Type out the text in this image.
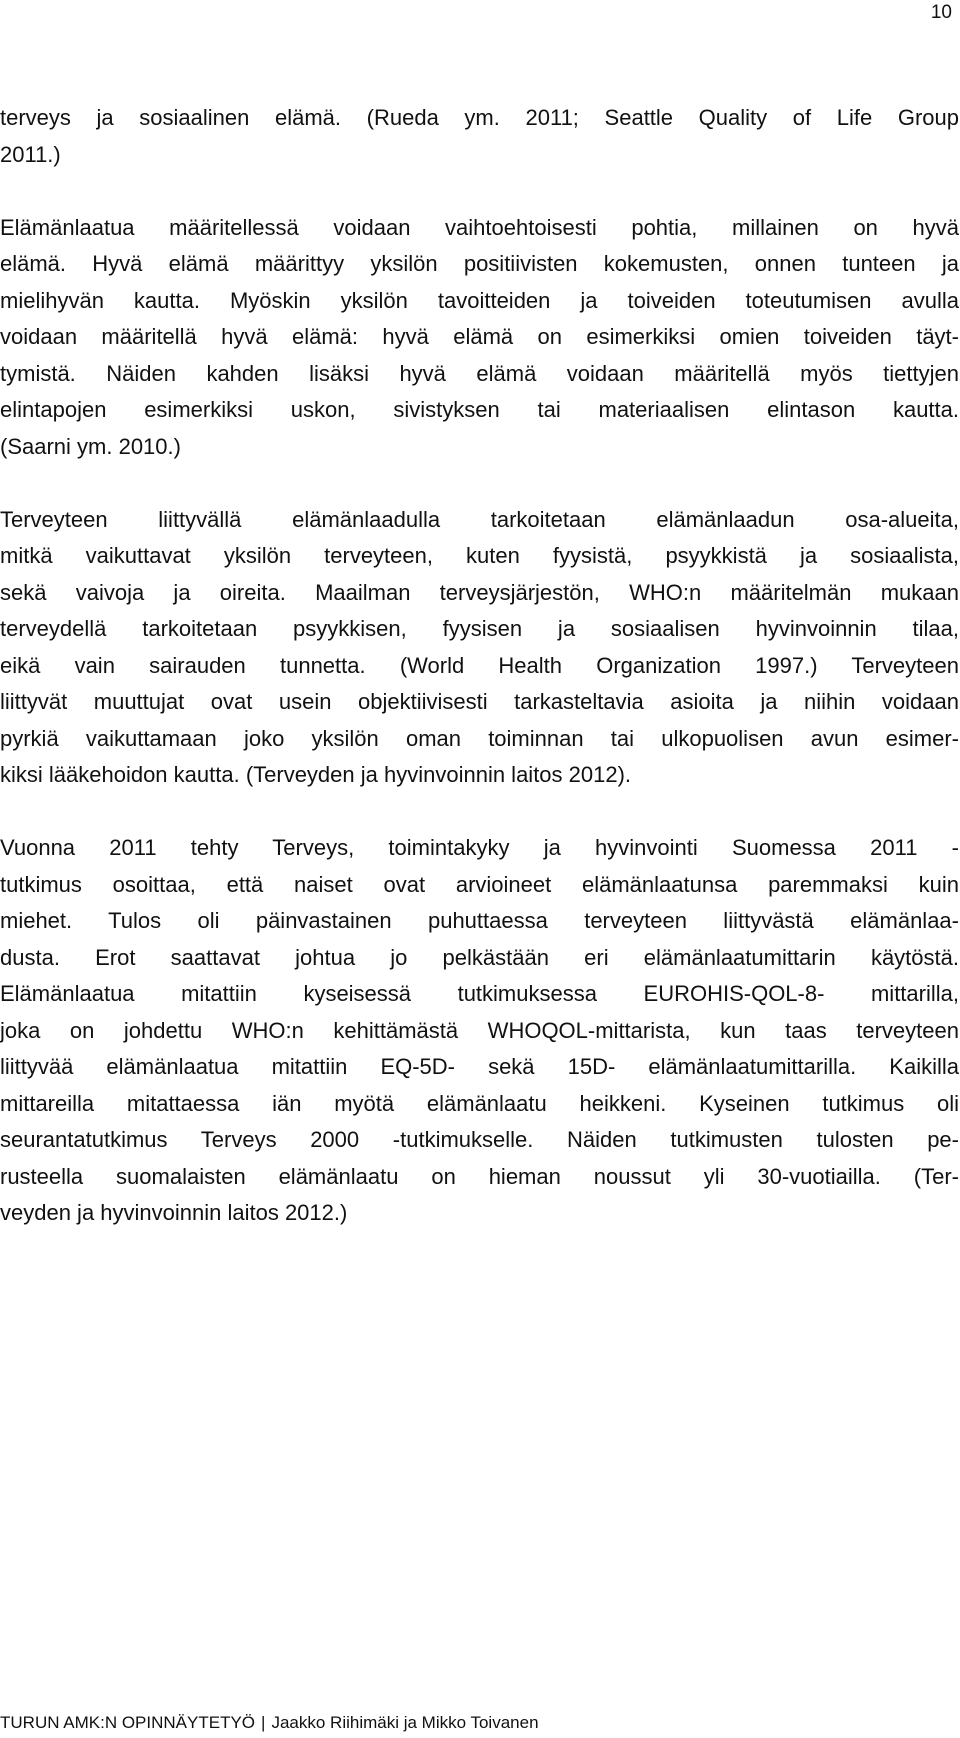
10
terveys ja sosiaalinen elämä. (Rueda ym. 2011; Seattle Quality of Life Group
2011.)
Elämänlaatua määritellessä voidaan vaihtoehtoisesti pohtia, millainen on hyvä
elämä. Hyvä elämä määrittyy yksilön positiivisten kokemusten, onnen tunteen ja
mielihyvän kautta. Myöskin yksilön tavoitteiden ja toiveiden toteutumisen avulla
voidaan määritellä hyvä elämä: hyvä elämä on esimerkiksi omien toiveiden täyt-
tymistä. Näiden kahden lisäksi hyvä elämä voidaan määritellä myös tiettyjen
elintapojen esimerkiksi uskon, sivistyksen tai materiaalisen elintason kautta.
(Saarni ym. 2010.)
Terveyteen liittyvällä elämänlaadulla tarkoitetaan elämänlaadun osa-alueita,
mitkä vaikuttavat yksilön terveyteen, kuten fyysistä, psyykkistä ja sosiaalista,
sekä vaivoja ja oireita. Maailman terveysjärjestön, WHO:n määritelmän mukaan
terveydellä tarkoitetaan psyykkisen, fyysisen ja sosiaalisen hyvinvoinnin tilaa,
eikä vain sairauden tunnetta. (World Health Organization 1997.) Terveyteen
liittyvät muuttujat ovat usein objektiivisesti tarkasteltavia asioita ja niihin voidaan
pyrkiä vaikuttamaan joko yksilön oman toiminnan tai ulkopuolisen avun esimer-
kiksi lääkehoidon kautta. (Terveyden ja hyvinvoinnin laitos 2012).
Vuonna 2011 tehty Terveys, toimintakyky ja hyvinvointi Suomessa 2011 -
tutkimus osoittaa, että naiset ovat arvioineet elämänlaatunsa paremmaksi kuin
miehet. Tulos oli päinvastainen puhuttaessa terveyteen liittyvästä elämänlaa-
dusta. Erot saattavat johtua jo pelkästään eri elämänlaatumittarin käytöstä.
Elämänlaatua mitattiin kyseisessä tutkimuksessa EUROHIS-QOL-8- mittarilla,
joka on johdettu WHO:n kehittämästä WHOQOL-mittarista, kun taas terveyteen
liittyvää elämänlaatua mitattiin EQ-5D- sekä 15D- elämänlaatumittarilla. Kaikilla
mittareilla mitattaessa iän myötä elämänlaatu heikkeni. Kyseinen tutkimus oli
seurantatutkimus Terveys 2000 -tutkimukselle. Näiden tutkimusten tulosten pe-
rusteella suomalaisten elämänlaatu on hieman noussut yli 30-vuotiailla. (Ter-
veyden ja hyvinvoinnin laitos 2012.)
TURUN AMK:N OPINNÄYTETYÖ | Jaakko Riihimäki ja Mikko Toivanen
